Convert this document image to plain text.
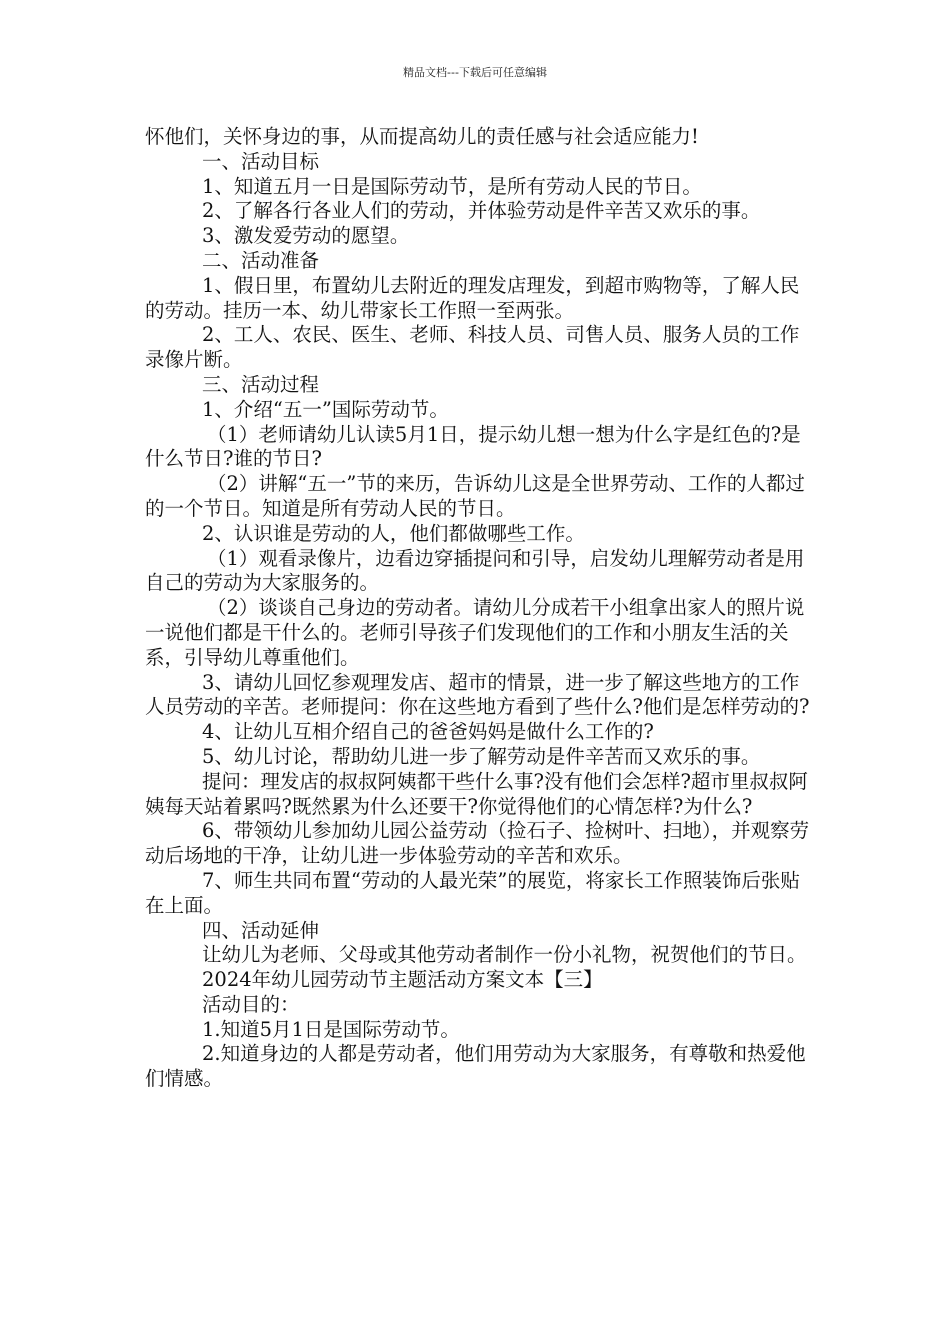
精品文档---下载后可任意编辑

怀他们，关怀身边的事，从而提高幼儿的责任感与社会适应能力!

一、活动目标

1、知道五月一日是国际劳动节，是所有劳动人民的节日。

2、了解各行各业人们的劳动，并体验劳动是件辛苦又欢乐的事。

3、激发爱劳动的愿望。

二、活动准备

1、假日里，布置幼儿去附近的理发店理发，到超市购物等，了解人民的劳动。挂历一本、幼儿带家长工作照一至两张。

2、工人、农民、医生、老师、科技人员、司售人员、服务人员的工作录像片断。

三、活动过程

1、介绍“五一”国际劳动节。

（1）老师请幼儿认读5月1日，提示幼儿想一想为什么字是红色的?是什么节日?谁的节日?

（2）讲解“五一”节的来历，告诉幼儿这是全世界劳动、工作的人都过的一个节日。知道是所有劳动人民的节日。

2、认识谁是劳动的人，他们都做哪些工作。

（1）观看录像片，边看边穿插提问和引导，启发幼儿理解劳动者是用自己的劳动为大家服务的。

（2）谈谈自己身边的劳动者。请幼儿分成若干小组拿出家人的照片说一说他们都是干什么的。老师引导孩子们发现他们的工作和小朋友生活的关系，引导幼儿尊重他们。

3、请幼儿回忆参观理发店、超市的情景，进一步了解这些地方的工作人员劳动的辛苦。老师提问：你在这些地方看到了些什么?他们是怎样劳动的?

4、让幼儿互相介绍自己的爸爸妈妈是做什么工作的?

5、幼儿讨论，帮助幼儿进一步了解劳动是件辛苦而又欢乐的事。

提问：理发店的叔叔阿姨都干些什么事?没有他们会怎样?超市里叔叔阿姨每天站着累吗?既然累为什么还要干?你觉得他们的心情怎样?为什么?

6、带领幼儿参加幼儿园公益劳动（捡石子、捡树叶、扫地），并观察劳动后场地的干净，让幼儿进一步体验劳动的辛苦和欢乐。

7、师生共同布置“劳动的人最光荣”的展览，将家长工作照装饰后张贴在上面。

四、活动延伸

让幼儿为老师、父母或其他劳动者制作一份小礼物，祝贺他们的节日。

2024年幼儿园劳动节主题活动方案文本【三】

活动目的：

1.知道5月1日是国际劳动节。

2.知道身边的人都是劳动者，他们用劳动为大家服务，有尊敬和热爱他们情感。
